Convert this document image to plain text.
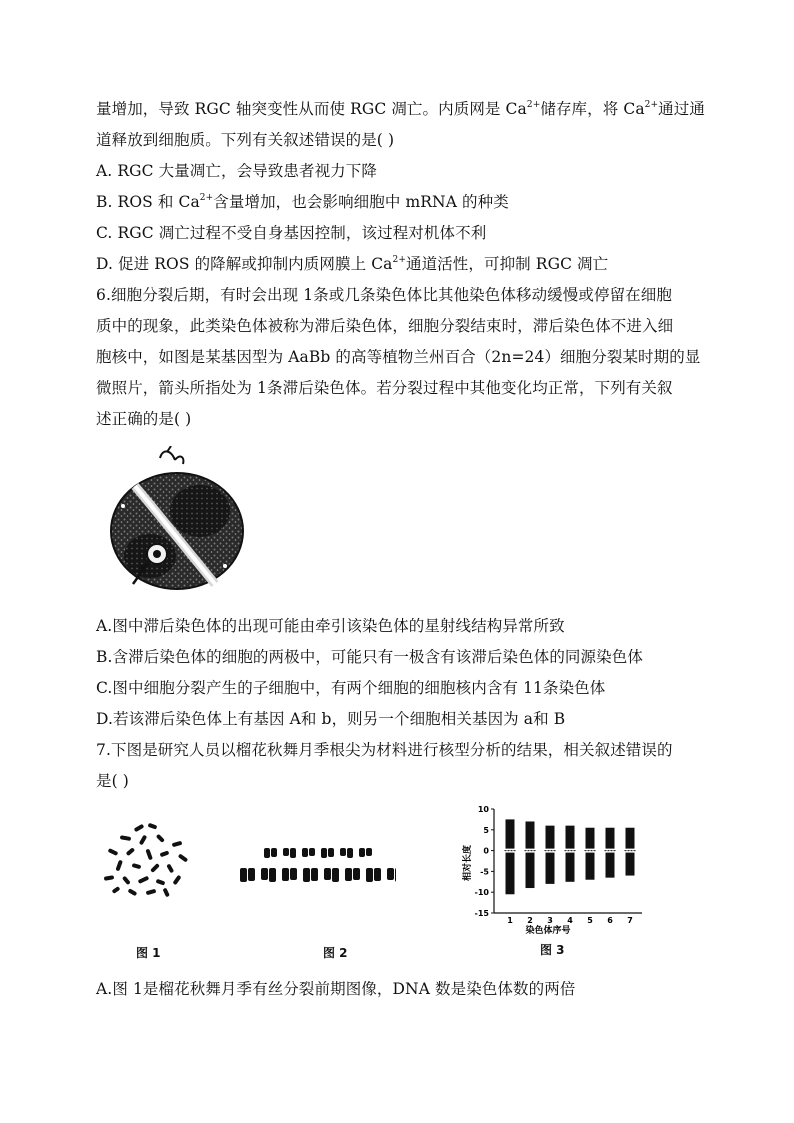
量增加，导致 RGC 轴突变性从而使 RGC 凋亡。内质网是 $Ca^{2+}$储存库，将 $Ca^{2+}$通过通
道释放到细胞质。下列有关叙述错误的是( )
A. RGC 大量凋亡，会导致患者视力下降
B. ROS 和 $Ca^{2+}$含量增加，也会影响细胞中 mRNA 的种类
C. RGC 凋亡过程不受自身基因控制，该过程对机体不利
D. 促进 ROS 的降解或抑制内质网膜上 $Ca^{2+}$通道活性，可抑制 RGC 凋亡
6.细胞分裂后期，有时会出现 1条或几条染色体比其他染色体移动缓慢或停留在细胞
质中的现象，此类染色体被称为滞后染色体，细胞分裂结束时，滞后染色体不进入细
胞核中，如图是某基因型为 AaBb 的高等植物兰州百合（2n=24）细胞分裂某时期的显
微照片，箭头所指处为 1条滞后染色体。若分裂过程中其他变化均正常，下列有关叙
述正确的是( )
A.图中滞后染色体的出现可能由牵引该染色体的星射线结构异常所致
B.含滞后染色体的细胞的两极中，可能只有一极含有该滞后染色体的同源染色体
C.图中细胞分裂产生的子细胞中，有两个细胞的细胞核内含有 11条染色体
D.若该滞后染色体上有基因 A和 b，则另一个细胞相关基因为 a和 B
7.下图是研究人员以榴花秋舞月季根尖为材料进行核型分析的结果，相关叙述错误的
是( )
图 1	图 2
10
5
0
-5
-10
-15
1 2 3 4 5 6 7
相对长度
染色体序号
图 3
A.图 1是榴花秋舞月季有丝分裂前期图像，DNA 数是染色体数的两倍
